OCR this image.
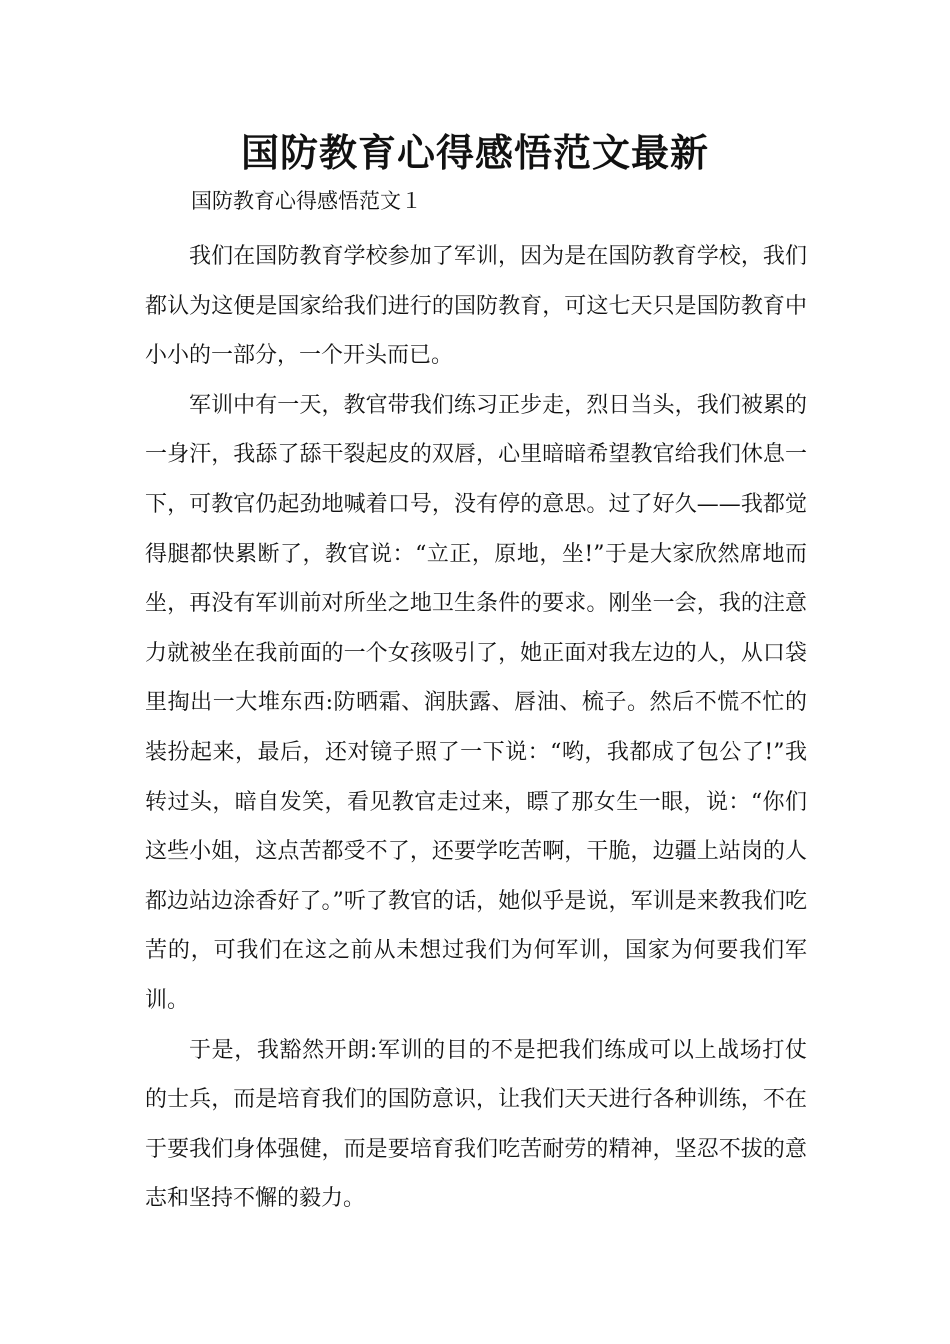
国防教育心得感悟范文最新
国防教育心得感悟范文１

我们在国防教育学校参加了军训，因为是在国防教育学校，我们都认为这便是国家给我们进行的国防教育，可这七天只是国防教育中小小的一部分，一个开头而已。

军训中有一天，教官带我们练习正步走，烈日当头，我们被累的一身汗，我舔了舔干裂起皮的双唇，心里暗暗希望教官给我们休息一下，可教官仍起劲地喊着口号，没有停的意思。过了好久——我都觉得腿都快累断了，教官说：“立正，原地，坐!”于是大家欣然席地而坐，再没有军训前对所坐之地卫生条件的要求。刚坐一会，我的注意力就被坐在我前面的一个女孩吸引了，她正面对我左边的人，从口袋里掏出一大堆东西:防晒霜、润肤露、唇油、梳子。然后不慌不忙的装扮起来，最后，还对镜子照了一下说：“哟，我都成了包公了!”我转过头，暗自发笑，看见教官走过来，瞟了那女生一眼，说：“你们这些小姐，这点苦都受不了，还要学吃苦啊，干脆，边疆上站岗的人都边站边涂香好了。”听了教官的话，她似乎是说，军训是来教我们吃苦的，可我们在这之前从未想过我们为何军训，国家为何要我们军训。

于是，我豁然开朗:军训的目的不是把我们练成可以上战场打仗的士兵，而是培育我们的国防意识，让我们天天进行各种训练，不在于要我们身体强健，而是要培育我们吃苦耐劳的精神，坚忍不拔的意志和坚持不懈的毅力。
